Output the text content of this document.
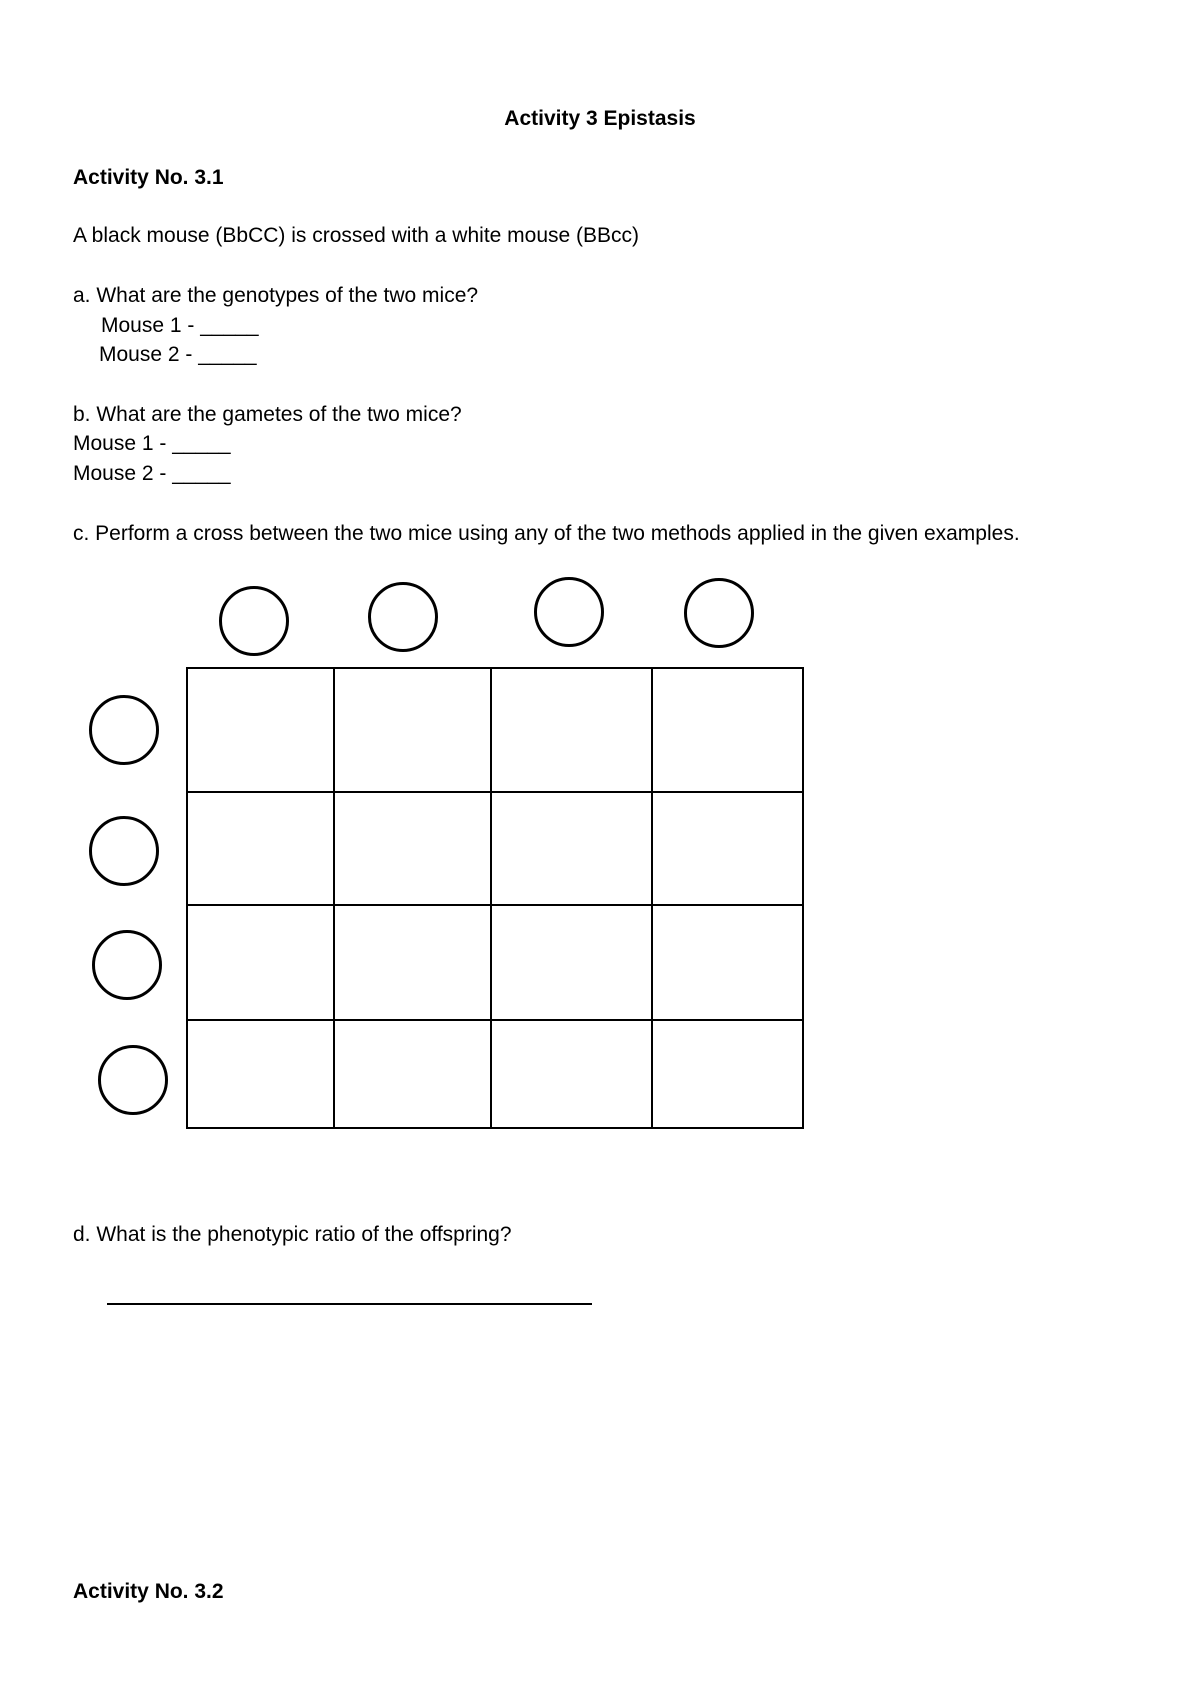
Activity 3 Epistasis
Activity No. 3.1
A black mouse (BbCC) is crossed with a white mouse (BBcc)
a. What are the genotypes of the two mice?
Mouse 1 - _____
Mouse 2 - _____
b. What are the gametes of the two mice?
Mouse 1 - _____
Mouse 2 - _____
c. Perform a cross between the two mice using any of the two methods applied in the given examples.

d. What is the phenotypic ratio of the offspring?
Activity No. 3.2
